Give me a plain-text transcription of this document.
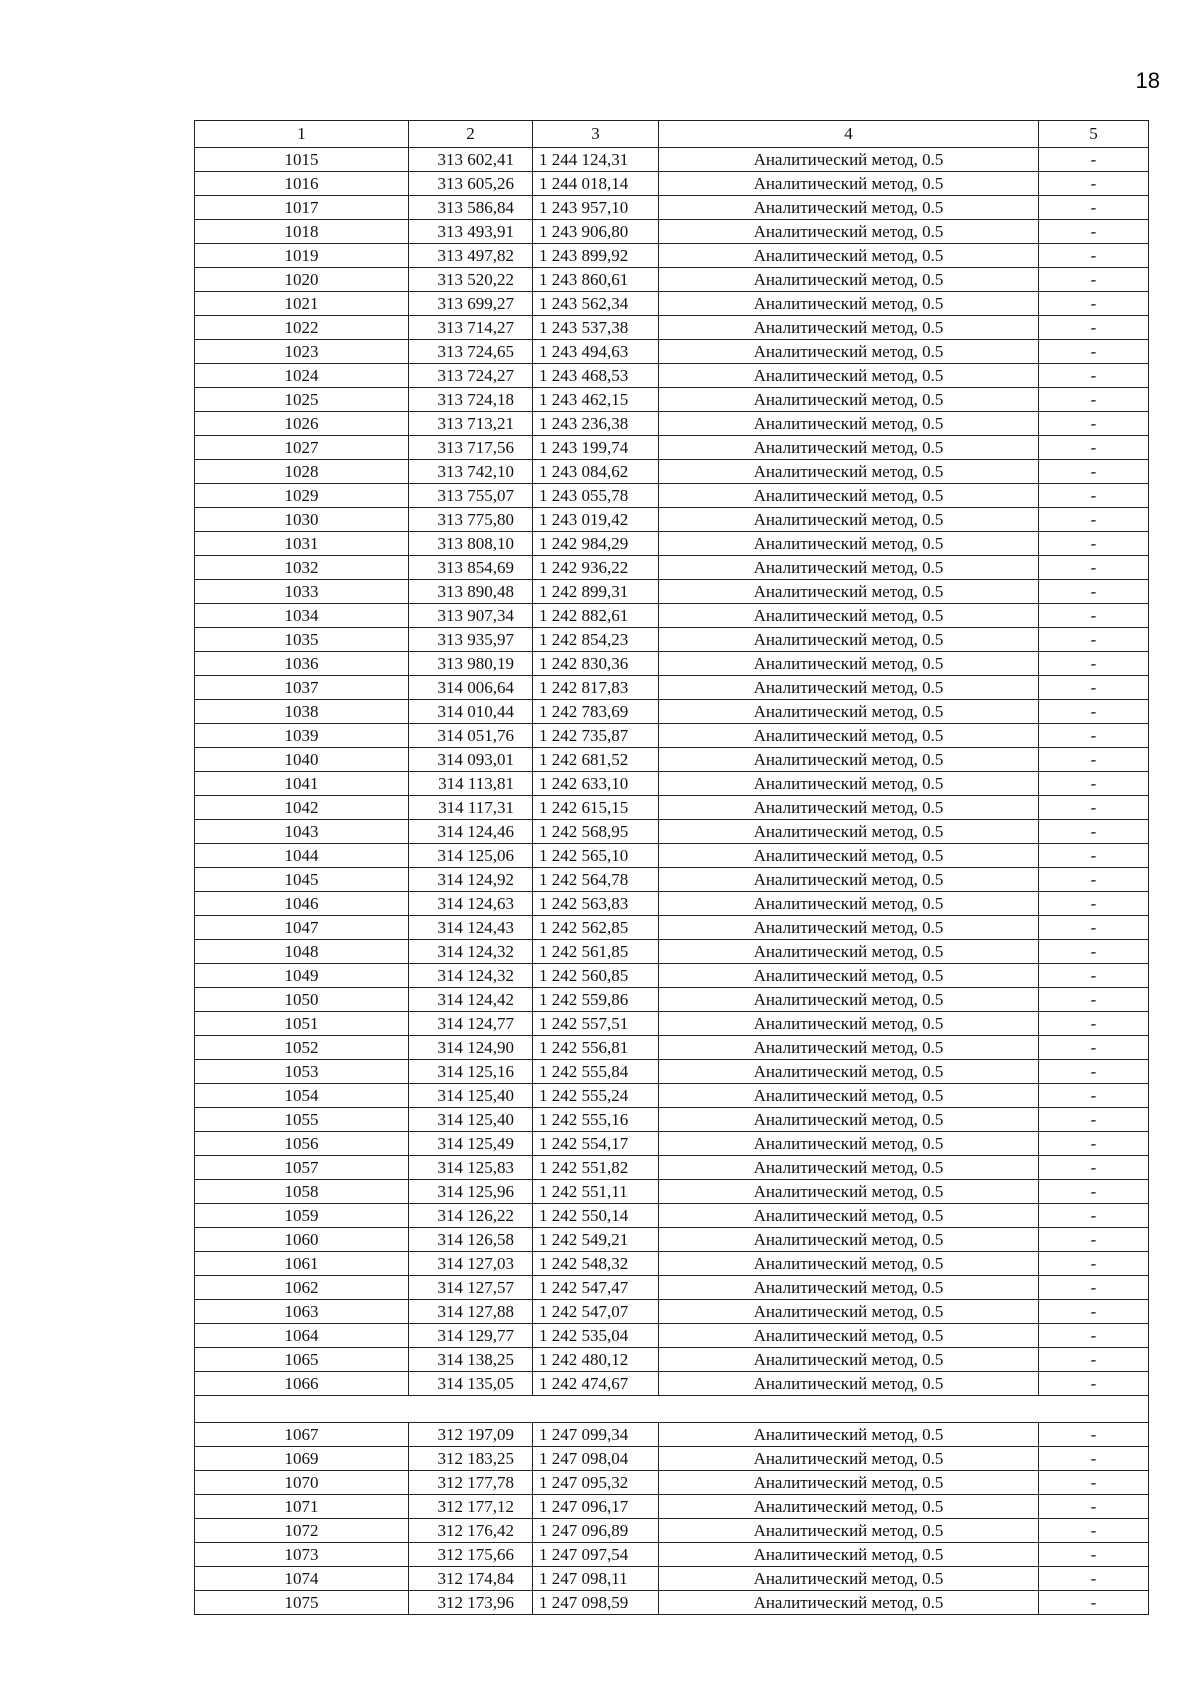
18
1	2	3	4	5
1015	313 602,41	1 244 124,31	Аналитический метод, 0.5	-
1016	313 605,26	1 244 018,14	Аналитический метод, 0.5	-
1017	313 586,84	1 243 957,10	Аналитический метод, 0.5	-
1018	313 493,91	1 243 906,80	Аналитический метод, 0.5	-
1019	313 497,82	1 243 899,92	Аналитический метод, 0.5	-
1020	313 520,22	1 243 860,61	Аналитический метод, 0.5	-
1021	313 699,27	1 243 562,34	Аналитический метод, 0.5	-
1022	313 714,27	1 243 537,38	Аналитический метод, 0.5	-
1023	313 724,65	1 243 494,63	Аналитический метод, 0.5	-
1024	313 724,27	1 243 468,53	Аналитический метод, 0.5	-
1025	313 724,18	1 243 462,15	Аналитический метод, 0.5	-
1026	313 713,21	1 243 236,38	Аналитический метод, 0.5	-
1027	313 717,56	1 243 199,74	Аналитический метод, 0.5	-
1028	313 742,10	1 243 084,62	Аналитический метод, 0.5	-
1029	313 755,07	1 243 055,78	Аналитический метод, 0.5	-
1030	313 775,80	1 243 019,42	Аналитический метод, 0.5	-
1031	313 808,10	1 242 984,29	Аналитический метод, 0.5	-
1032	313 854,69	1 242 936,22	Аналитический метод, 0.5	-
1033	313 890,48	1 242 899,31	Аналитический метод, 0.5	-
1034	313 907,34	1 242 882,61	Аналитический метод, 0.5	-
1035	313 935,97	1 242 854,23	Аналитический метод, 0.5	-
1036	313 980,19	1 242 830,36	Аналитический метод, 0.5	-
1037	314 006,64	1 242 817,83	Аналитический метод, 0.5	-
1038	314 010,44	1 242 783,69	Аналитический метод, 0.5	-
1039	314 051,76	1 242 735,87	Аналитический метод, 0.5	-
1040	314 093,01	1 242 681,52	Аналитический метод, 0.5	-
1041	314 113,81	1 242 633,10	Аналитический метод, 0.5	-
1042	314 117,31	1 242 615,15	Аналитический метод, 0.5	-
1043	314 124,46	1 242 568,95	Аналитический метод, 0.5	-
1044	314 125,06	1 242 565,10	Аналитический метод, 0.5	-
1045	314 124,92	1 242 564,78	Аналитический метод, 0.5	-
1046	314 124,63	1 242 563,83	Аналитический метод, 0.5	-
1047	314 124,43	1 242 562,85	Аналитический метод, 0.5	-
1048	314 124,32	1 242 561,85	Аналитический метод, 0.5	-
1049	314 124,32	1 242 560,85	Аналитический метод, 0.5	-
1050	314 124,42	1 242 559,86	Аналитический метод, 0.5	-
1051	314 124,77	1 242 557,51	Аналитический метод, 0.5	-
1052	314 124,90	1 242 556,81	Аналитический метод, 0.5	-
1053	314 125,16	1 242 555,84	Аналитический метод, 0.5	-
1054	314 125,40	1 242 555,24	Аналитический метод, 0.5	-
1055	314 125,40	1 242 555,16	Аналитический метод, 0.5	-
1056	314 125,49	1 242 554,17	Аналитический метод, 0.5	-
1057	314 125,83	1 242 551,82	Аналитический метод, 0.5	-
1058	314 125,96	1 242 551,11	Аналитический метод, 0.5	-
1059	314 126,22	1 242 550,14	Аналитический метод, 0.5	-
1060	314 126,58	1 242 549,21	Аналитический метод, 0.5	-
1061	314 127,03	1 242 548,32	Аналитический метод, 0.5	-
1062	314 127,57	1 242 547,47	Аналитический метод, 0.5	-
1063	314 127,88	1 242 547,07	Аналитический метод, 0.5	-
1064	314 129,77	1 242 535,04	Аналитический метод, 0.5	-
1065	314 138,25	1 242 480,12	Аналитический метод, 0.5	-
1066	314 135,05	1 242 474,67	Аналитический метод, 0.5	-

1067	312 197,09	1 247 099,34	Аналитический метод, 0.5	-
1069	312 183,25	1 247 098,04	Аналитический метод, 0.5	-
1070	312 177,78	1 247 095,32	Аналитический метод, 0.5	-
1071	312 177,12	1 247 096,17	Аналитический метод, 0.5	-
1072	312 176,42	1 247 096,89	Аналитический метод, 0.5	-
1073	312 175,66	1 247 097,54	Аналитический метод, 0.5	-
1074	312 174,84	1 247 098,11	Аналитический метод, 0.5	-
1075	312 173,96	1 247 098,59	Аналитический метод, 0.5	-
